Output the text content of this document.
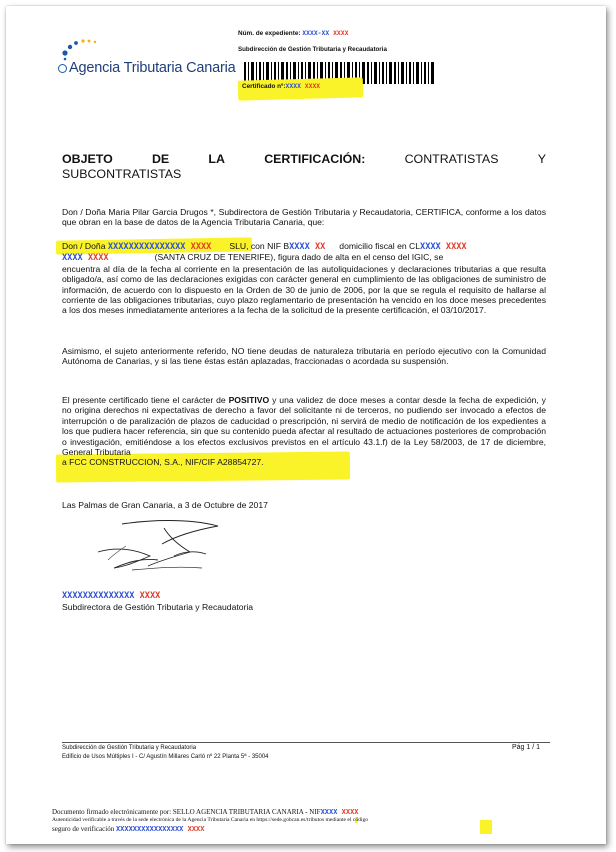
Agencia Tributaria Canaria
Núm. de expediente: XXXX-XX XXXX
Subdirección de Gestión Tributaria y Recaudatoria
Certificado nº:XXXX XXXX
OBJETO	DE	LA	CERTIFICACIÓN:	CONTRATISTAS	Y
SUBCONTRATISTAS
Don / Doña Maria Pilar Garcia Drugos *, Subdirectora de Gestión Tributaria y Recaudatoria, CERTIFICA, conforme a los datos que obran en la base de datos de la Agencia Tributaria Canaria, que:
Don / Doña XXXXXXXXXXXXXXX XXXX SLU, con NIF BXXXX XX domicilio fiscal en CLXXXX XXXX
XXXX XXXX	(SANTA CRUZ DE TENERIFE), figura dado de alta en el censo del IGIC, se
encuentra al día de la fecha al corriente en la presentación de las autoliquidaciones y declaraciones tributarias a que resulta obligado/a, así como de las declaraciones exigidas con carácter general en cumplimiento de las obligaciones de suministro de información, de acuerdo con lo dispuesto en la Orden de 30 de junio de 2006, por la que se regula el requisito de hallarse al corriente de las obligaciones tributarias, cuyo plazo reglamentario de presentación ha vencido en los doce meses precedentes a los dos meses inmediatamente anteriores a la fecha de la solicitud de la presente certificación, el 03/10/2017.
Asimismo, el sujeto anteriormente referido, NO tiene deudas de naturaleza tributaria en período ejecutivo con la Comunidad Autónoma de Canarias, y si las tiene éstas están aplazadas, fraccionadas o acordada su suspensión.
El presente certificado tiene el carácter de POSITIVO y una validez de doce meses a contar desde la fecha de expedición, y no origina derechos ni expectativas de derecho a favor del solicitante ni de terceros, no pudiendo ser invocado a efectos de interrupción o de paralización de plazos de caducidad o prescripción, ni servirá de medio de notificación de los expedientes a los que pudiera hacer referencia, sin que su contenido pueda afectar al resultado de actuaciones posteriores de comprobación o investigación, emitiéndose a los efectos exclusivos previstos en el artículo 43.1.f) de la Ley 58/2003, de 17 de diciembre, General Tributaria
a FCC CONSTRUCCION, S.A., NIF/CIF A28854727.
Las Palmas de Gran Canaria, a 3 de Octubre de 2017
XXXXXXXXXXXXXX XXXX
Subdirectora de Gestión Tributaria y Recaudatoria
Subdirección de Gestión Tributaria y Recaudatoria
Edificio de Usos Múltiples I - C/ Agustín Millares Carló nº 22 Planta 5ª - 35004
Pág 1 / 1
Documento firmado electrónicamente por: SELLO AGENCIA TRIBUTARIA CANARIA - NIFXXXX XXXX
Autenticidad verificable a través de la sede electrónica de la Agencia Tributaria Canaria en https://sede.gobcan.es/tributos mediante el código
seguro de verificación XXXXXXXXXXXXXXXX XXXX
